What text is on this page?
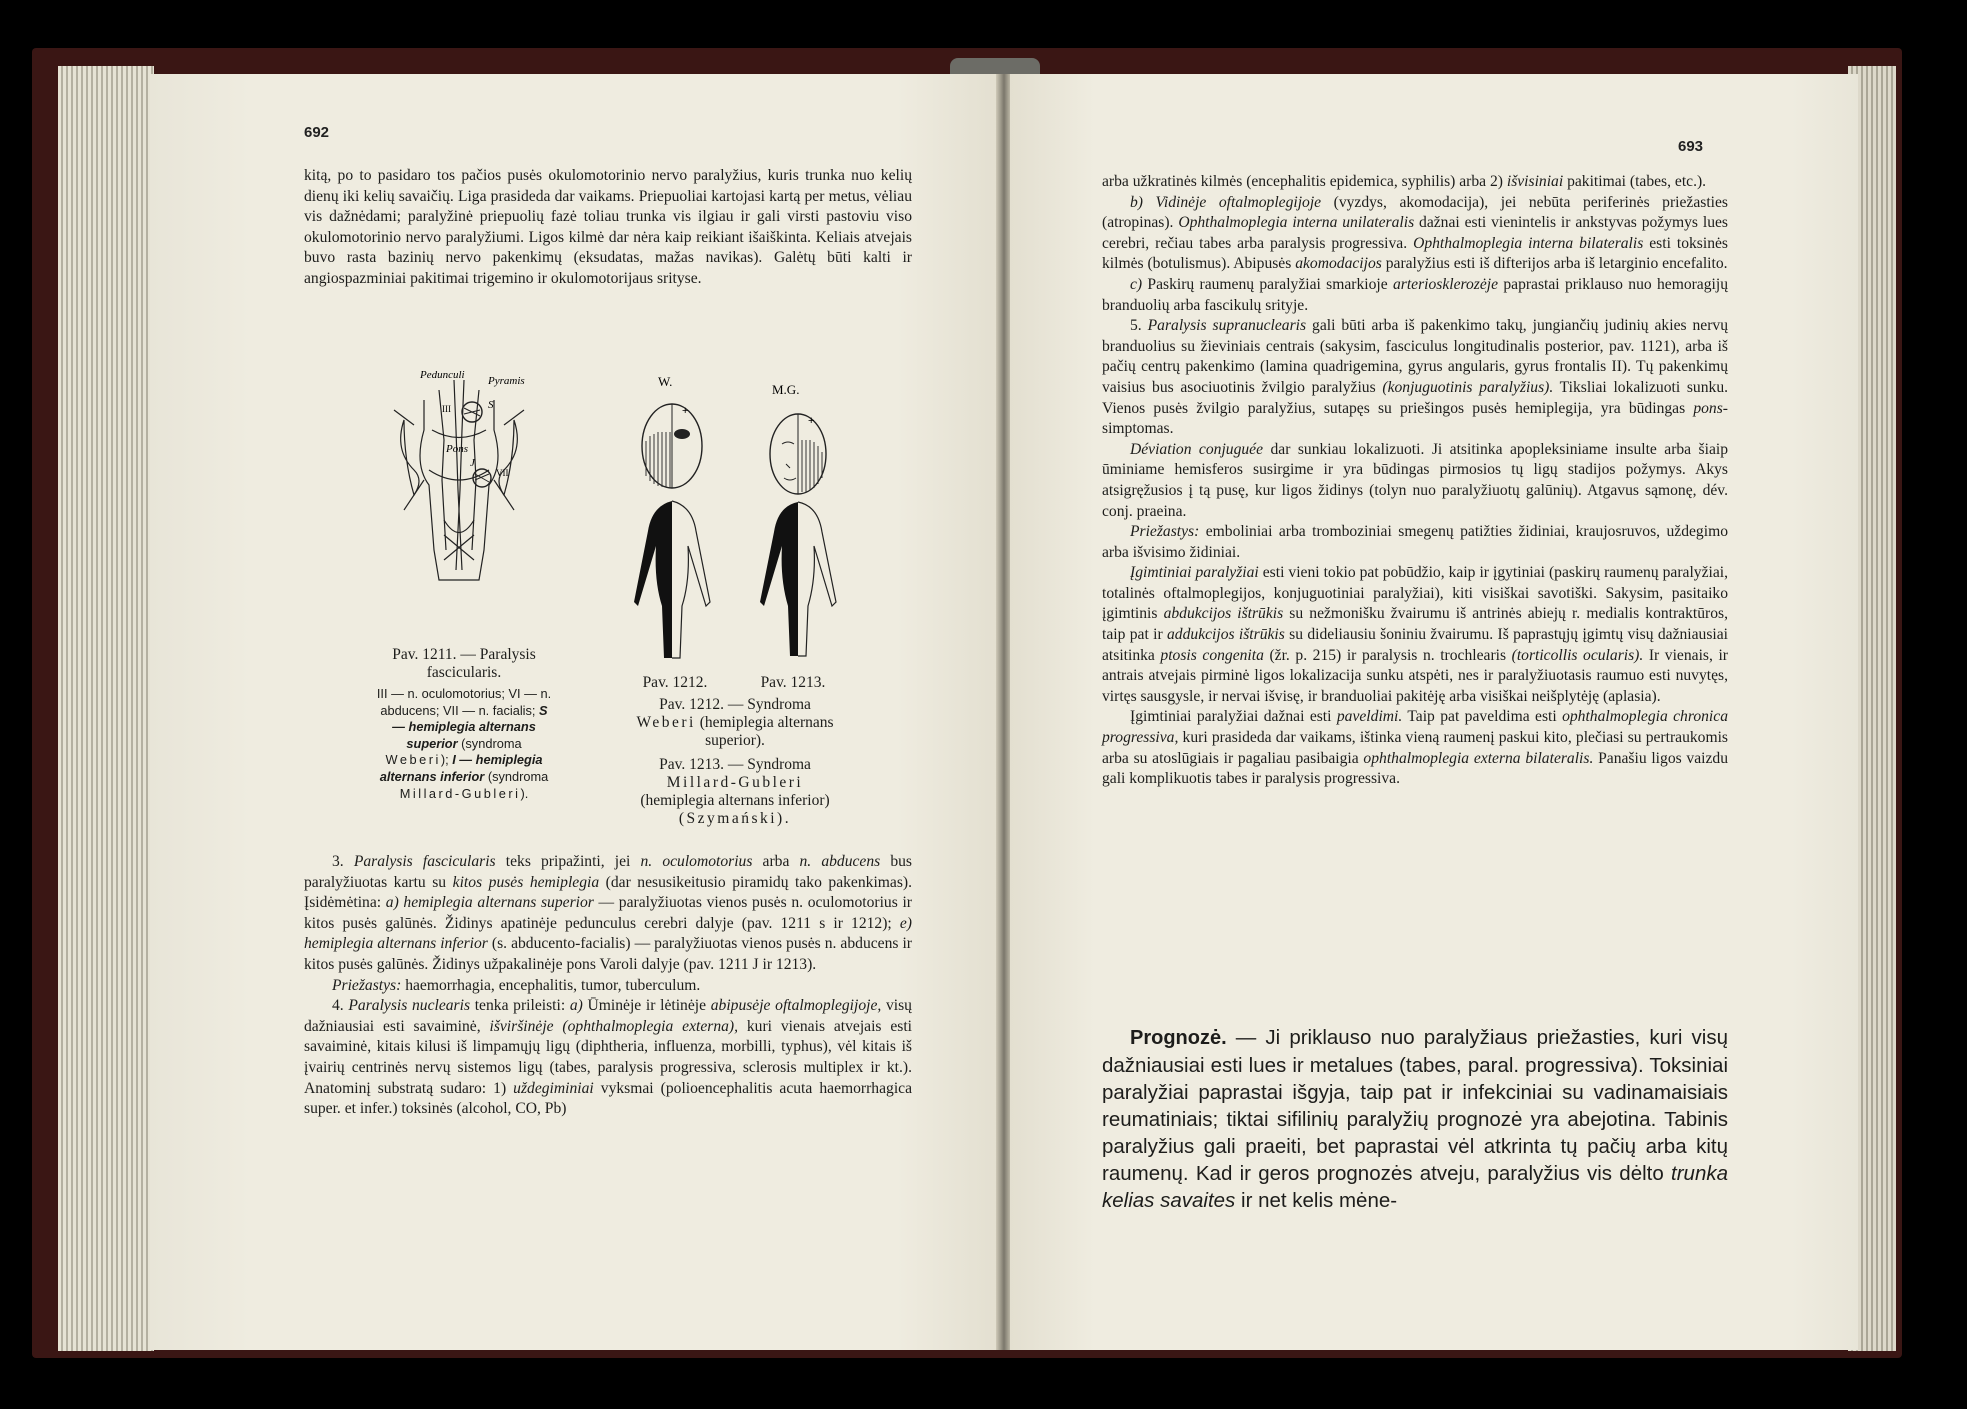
692

kitą, po to pasidaro tos pačios pusės okulomotorinio nervo paralyžius, kuris trunka nuo kelių dienų iki kelių savaičių. Liga prasideda dar vaikams. Priepuoliai kartojasi kartą per metus, vėliau vis dažnėdami; paralyžinė priepuolių fazė toliau trunka vis ilgiau ir gali virsti pastoviu viso okulomotorinio nervo paralyžiumi. Ligos kilmė dar nėra kaip reikiant išaiškinta. Keliais atvejais buvo rasta bazinių nervo pakenkimų (eksudatas, mažas navikas). Galėtų būti kalti ir angiospazminiai pakitimai trigemino ir okulomotorijaus srityse.

Pedunculi Pyramis
Pons
S
III
J
VII
Pav. 1211. — Paralysis fascicularis.
III — n. oculomotorius; VI — n. abducens; VII — n. facialis; S — hemiplegia alternans superior (syndroma Weberi); I — hemiplegia alternans inferior (syndroma Millard-Gubleri).
W.
+
M.G.
+
Pav. 1212.	Pav. 1213.
Pav. 1212. — Syndroma Weberi (hemiplegia alternans superior).
Pav. 1213. — Syndroma Millard-Gubleri (hemiplegia alternans inferior)
(Szymański).

3. Paralysis fascicularis teks pripažinti, jei n. oculomotorius arba n. abducens bus paralyžiuotas kartu su kitos pusės hemiplegia (dar nesusikeitusio piramidų tako pakenkimas). Įsidėmėtina: a) hemiplegia alternans superior — paralyžiuotas vienos pusės n. oculomotorius ir kitos pusės galūnės. Židinys apatinėje pedunculus cerebri dalyje (pav. 1211 s ir 1212); e) hemiplegia alternans inferior (s. abducento-facialis) — paralyžiuotas vienos pusės n. abducens ir kitos pusės galūnės. Židinys užpakalinėje pons Varoli dalyje (pav. 1211 J ir 1213).

Priežastys: haemorrhagia, encephalitis, tumor, tuberculum.

4. Paralysis nuclearis tenka prileisti: a) Ūminėje ir lėtinėje abipusėje oftalmoplegijoje, visų dažniausiai esti savaiminė, išviršinėje (ophthalmoplegia externa), kuri vienais atvejais esti savaiminė, kitais kilusi iš limpamųjų ligų (diphtheria, influenza, morbilli, typhus), vėl kitais iš įvairių centrinės nervų sistemos ligų (tabes, paralysis progressiva, sclerosis multiplex ir kt.). Anatominį substratą sudaro: 1) uždegiminiai vyksmai (polioencephalitis acuta haemorrhagica super. et infer.) toksinės (alcohol, CO, Pb)

693

arba užkratinės kilmės (encephalitis epidemica, syphilis) arba 2) išvisiniai pakitimai (tabes, etc.).

b) Vidinėje oftalmoplegijoje (vyzdys, akomodacija), jei nebūta periferinės priežasties (atropinas). Ophthalmoplegia interna unilateralis dažnai esti vienintelis ir ankstyvas požymys lues cerebri, rečiau tabes arba paralysis progressiva. Ophthalmoplegia interna bilateralis esti toksinės kilmės (botulismus). Abipusės akomodacijos paralyžius esti iš difterijos arba iš letarginio encefalito.

c) Paskirų raumenų paralyžiai smarkioje arteriosklerozėje paprastai priklauso nuo hemoragijų branduolių arba fascikulų srityje.

5. Paralysis supranuclearis gali būti arba iš pakenkimo takų, jungiančių judinių akies nervų branduolius su žieviniais centrais (sakysim, fasciculus longitudinalis posterior, pav. 1121), arba iš pačių centrų pakenkimo (lamina quadrigemina, gyrus angularis, gyrus frontalis II). Tų pakenkimų vaisius bus asociuotinis žvilgio paralyžius (konjuguotinis paralyžius). Tiksliai lokalizuoti sunku. Vienos pusės žvilgio paralyžius, sutapęs su priešingos pusės hemiplegija, yra būdingas pons-simptomas.

Déviation conjuguée dar sunkiau lokalizuoti. Ji atsitinka apopleksiniame insulte arba šiaip ūminiame hemisferos susirgime ir yra būdingas pirmosios tų ligų stadijos požymys. Akys atsigręžusios į tą pusę, kur ligos židinys (tolyn nuo paralyžiuotų galūnių). Atgavus sąmonę, dév. conj. praeina.

Priežastys: emboliniai arba tromboziniai smegenų patižties židiniai, kraujosruvos, uždegimo arba išvisimo židiniai.

Įgimtiniai paralyžiai esti vieni tokio pat pobūdžio, kaip ir įgytiniai (paskirų raumenų paralyžiai, totalinės oftalmoplegijos, konjuguotiniai paralyžiai), kiti visiškai savotiški. Sakysim, pasitaiko įgimtinis abdukcijos ištrūkis su nežmonišku žvairumu iš antrinės abiejų r. medialis kontraktūros, taip pat ir addukcijos ištrūkis su dideliausiu šoniniu žvairumu. Iš paprastųjų įgimtų visų dažniausiai atsitinka ptosis congenita (žr. p. 215) ir paralysis n. trochlearis (torticollis ocularis). Ir vienais, ir antrais atvejais pirminė ligos lokalizacija sunku atspėti, nes ir paralyžiuotasis raumuo esti nuvytęs, virtęs sausgysle, ir nervai išvisę, ir branduoliai pakitėję arba visiškai neišplytėję (aplasia).

Įgimtiniai paralyžiai dažnai esti paveldimi. Taip pat paveldima esti ophthalmoplegia chronica progressiva, kuri prasideda dar vaikams, ištinka vieną raumenį paskui kito, plečiasi su pertraukomis arba su atoslūgiais ir pagaliau pasibaigia ophthalmoplegia externa bilateralis. Panašiu ligos vaizdu gali komplikuotis tabes ir paralysis progressiva.

Prognozė. — Ji priklauso nuo paralyžiaus priežasties, kuri visų dažniausiai esti lues ir metalues (tabes, paral. progressiva). Toksiniai paralyžiai paprastai išgyja, taip pat ir infekciniai su vadinamaisiais reumatiniais; tiktai sifilinių paralyžių prognozė yra abejotina. Tabinis paralyžius gali praeiti, bet paprastai vėl atkrinta tų pačių arba kitų raumenų. Kad ir geros prognozės atveju, paralyžius vis dėlto trunka kelias savaites ir net kelis mėne-
